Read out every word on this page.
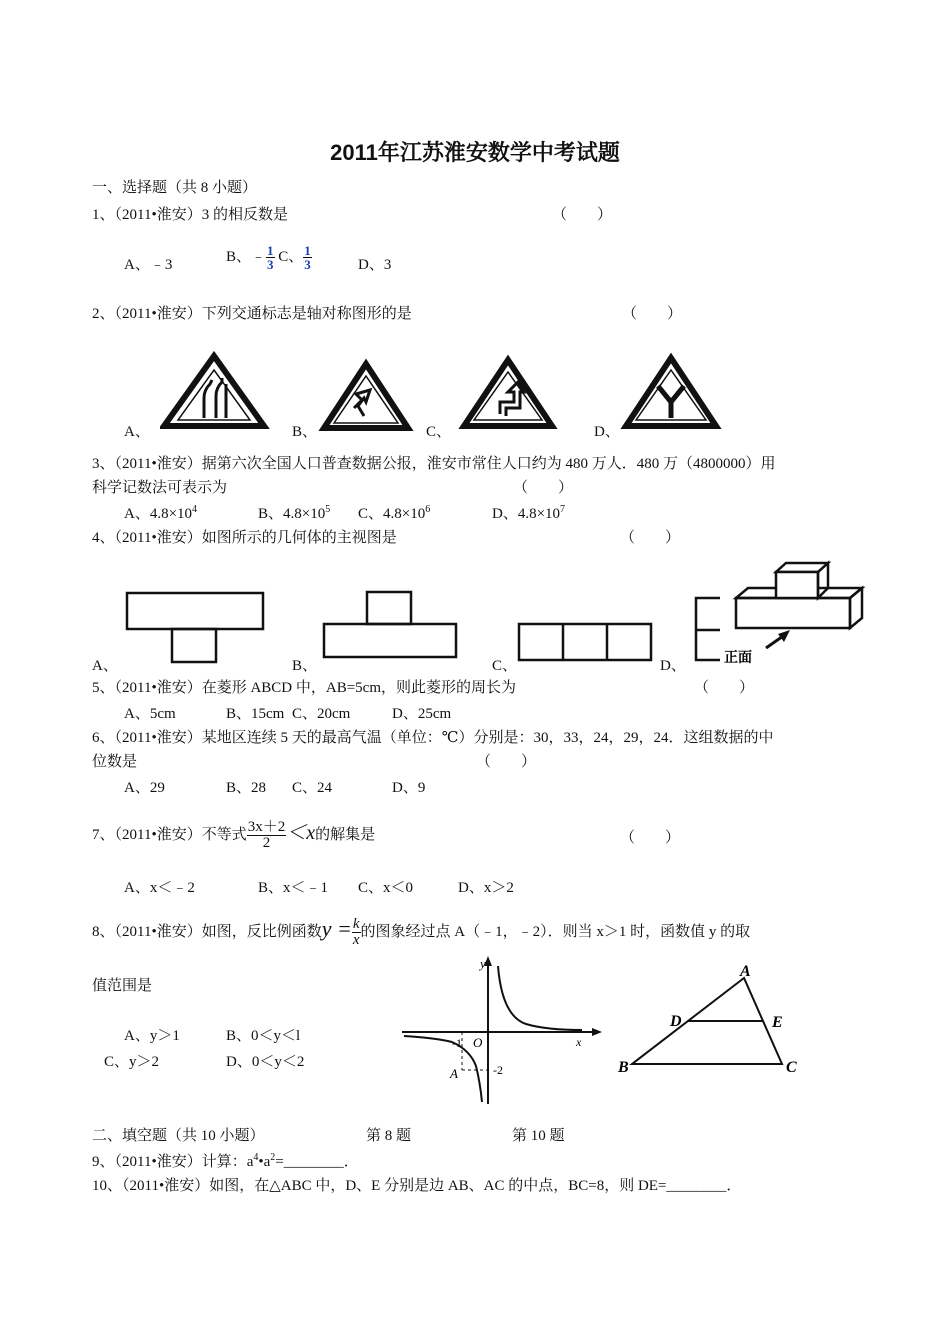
2011年江苏淮安数学中考试题
一、选择题（共 8 小题）
1、（2011•淮安）3 的相反数是	（　　）
A、﹣3
B、﹣ $\frac{1}{3}$ C、 $\frac{1}{3}$	D、3
2、（2011•淮安）下列交通标志是轴对称图形的是	（　　）
A、	B、	C、	D、
3、（2011•淮安）据第六次全国人口普查数据公报，淮安市常住人口约为 480 万人．480 万（4800000）用
科学记数法可表示为	（　　）
A、$4.8\times 10^4$	B、$4.8\times 10^5$ C、$4.8\times 10^6$	D、$4.8\times 10^7$
4、（2011•淮安）如图所示的几何体的主视图是	（　　）
A、	B、	C、	D、	正面
5、（2011•淮安）在菱形 ABCD 中，AB=5cm，则此菱形的周长为	（　　）
A、5cm	B、15cm C、20cm	D、25cm
6、（2011•淮安）某地区连续 5 天的最高气温（单位：℃）分别是：30，33，24，29，24．这组数据的中
位数是	（　　）
A、29	B、28 C、24	D、9
7、（2011•淮安）不等式 $\frac{3x+2}{2} <x$的解集是	（　　）
A、x＜﹣2	B、x＜﹣1 C、x＜0	D、x＞2
8、（2011•淮安）如图，反比例函数$y = \frac{k}{x}$ 的图象经过点 A（﹣1，﹣2）．则当 x＞1 时，函数值 y 的取
值范围是
A、y＞1	B、0＜y＜l
C、y＞2	D、0＜y＜2
y
x
O
-1
-2
A
A
B	C
D	E
二、填空题（共 10 小题）	第 8 题	第 10 题
9、（2011•淮安）计算：$a^4•a^2=\_\_\_\_\_\_\_\_$．
10、（2011•淮安）如图，在△ABC 中，D、E 分别是边 AB、AC 的中点，BC=8，则 DE=________．
